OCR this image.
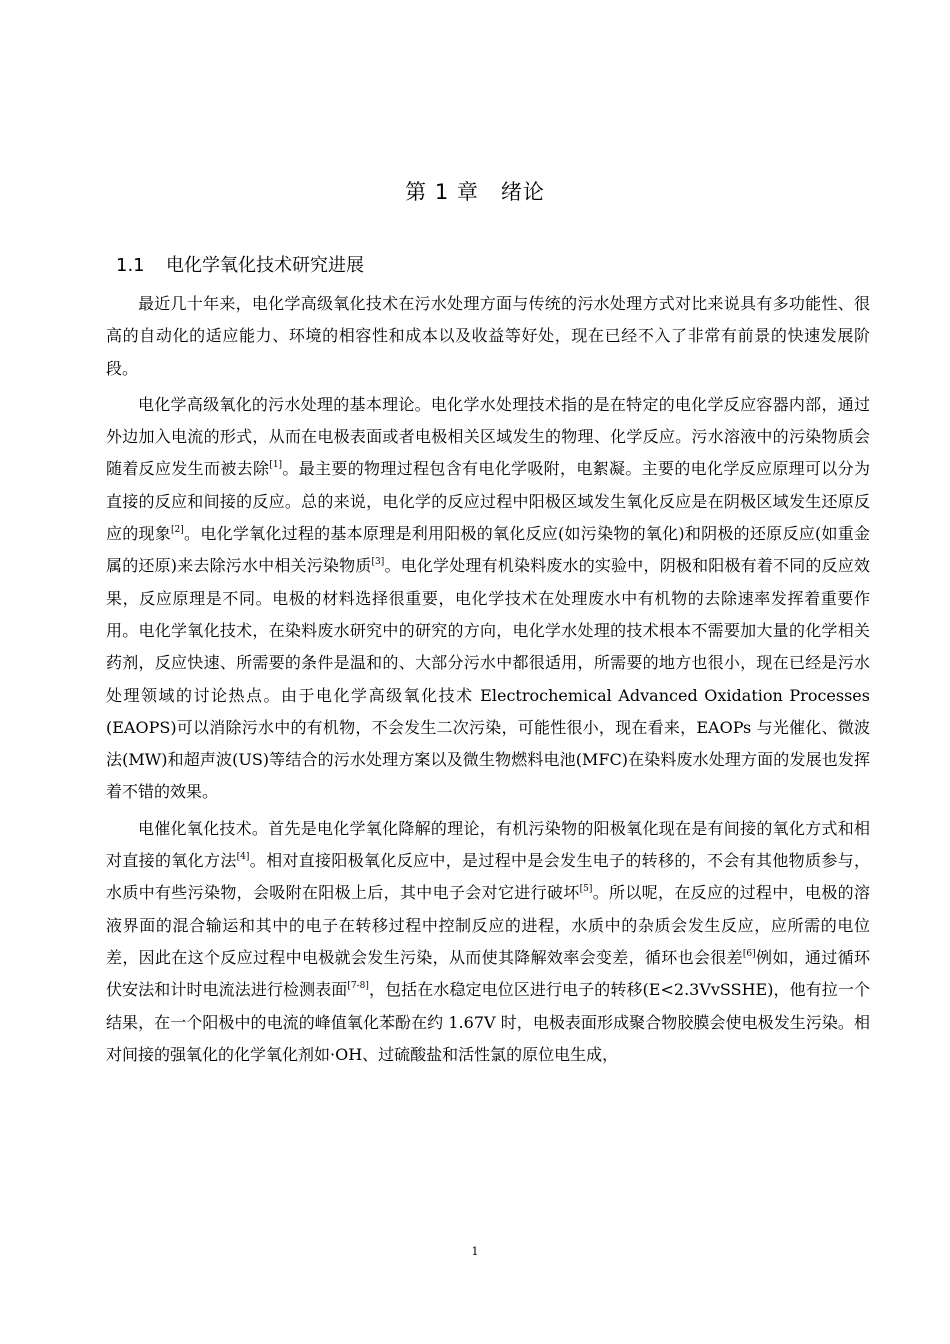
第 1 章　绪论
1.1 电化学氧化技术研究进展

最近几十年来，电化学高级氧化技术在污水处理方面与传统的污水处理方式对比来说具有多功能性、很高的自动化的适应能力、环境的相容性和成本以及收益等好处，现在已经不入了非常有前景的快速发展阶段。

电化学高级氧化的污水处理的基本理论。电化学水处理技术指的是在特定的电化学反应容器内部，通过外边加入电流的形式，从而在电极表面或者电极相关区域发生的物理、化学反应。污水溶液中的污染物质会随着反应发生而被去除[1]。最主要的物理过程包含有电化学吸附，电絮凝。主要的电化学反应原理可以分为直接的反应和间接的反应。总的来说，电化学的反应过程中阳极区域发生氧化反应是在阴极区域发生还原反应的现象[2]。电化学氧化过程的基本原理是利用阳极的氧化反应(如污染物的氧化)和阴极的还原反应(如重金属的还原)来去除污水中相关污染物质[3]。电化学处理有机染料废水的实验中，阴极和阳极有着不同的反应效果，反应原理是不同。电极的材料选择很重要，电化学技术在处理废水中有机物的去除速率发挥着重要作用。电化学氧化技术，在染料废水研究中的研究的方向，电化学水处理的技术根本不需要加大量的化学相关药剂，反应快速、所需要的条件是温和的、大部分污水中都很适用，所需要的地方也很小，现在已经是污水处理领域的讨论热点。由于电化学高级氧化技术 Electrochemical Advanced Oxidation Processes (EAOPS)可以消除污水中的有机物，不会发生二次污染，可能性很小，现在看来，EAOPs 与光催化、微波法(MW)和超声波(US)等结合的污水处理方案以及微生物燃料电池(MFC)在染料废水处理方面的发展也发挥着不错的效果。

电催化氧化技术。首先是电化学氧化降解的理论，有机污染物的阳极氧化现在是有间接的氧化方式和相对直接的氧化方法[4]。相对直接阳极氧化反应中，是过程中是会发生电子的转移的，不会有其他物质参与，水质中有些污染物，会吸附在阳极上后，其中电子会对它进行破坏[5]。所以呢，在反应的过程中，电极的溶液界面的混合输运和其中的电子在转移过程中控制反应的进程，水质中的杂质会发生反应，应所需的电位差，因此在这个反应过程中电极就会发生污染，从而使其降解效率会变差，循环也会很差[6]例如，通过循环伏安法和计时电流法进行检测表面[7-8]，包括在水稳定电位区进行电子的转移(E<2.3VvSSHE)，他有拉一个结果，在一个阳极中的电流的峰值氧化苯酚在约 1.67V 时，电极表面形成聚合物胶膜会使电极发生污染。相对间接的强氧化的化学氧化剂如·OH、过硫酸盐和活性氯的原位电生成，

1
